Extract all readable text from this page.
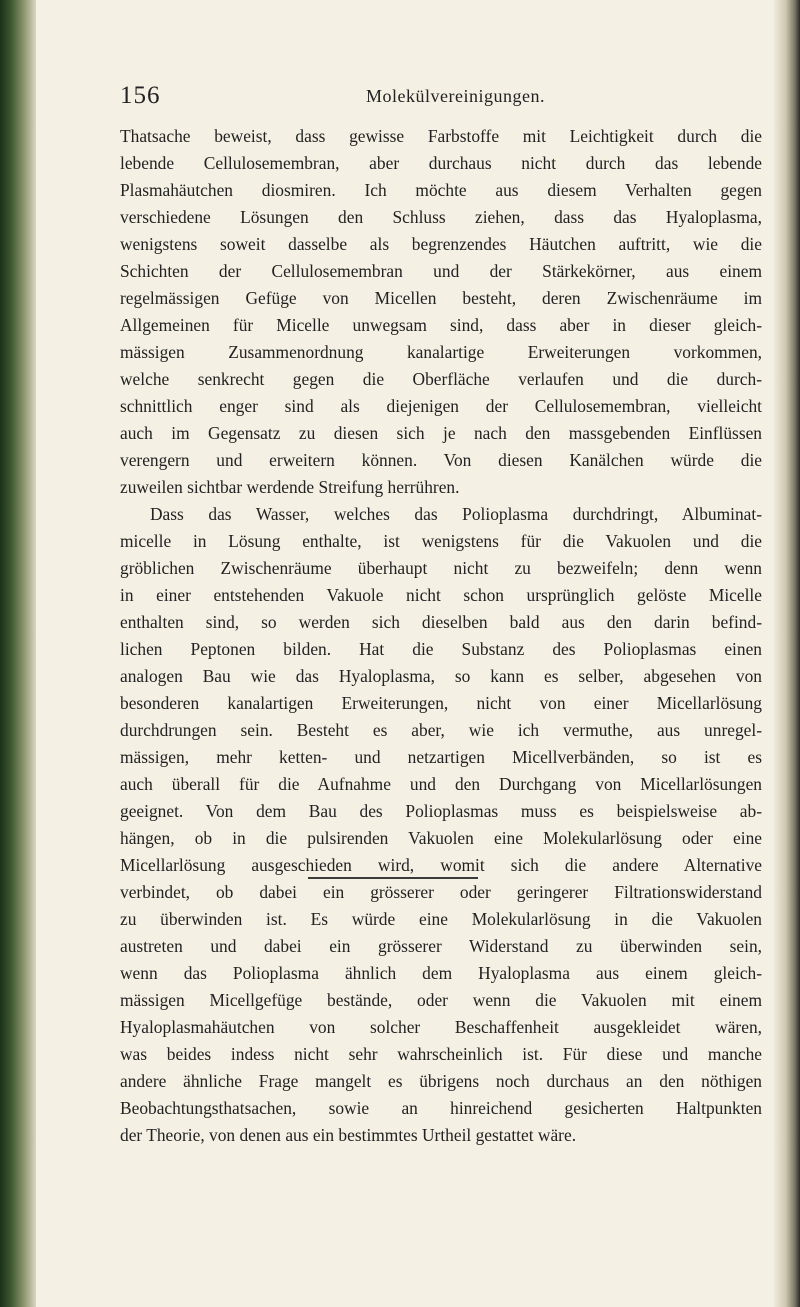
156	Molekülvereinigungen.
Thatsache beweist, dass gewisse Farbstoffe mit Leichtigkeit durch die
lebende Cellulosemembran, aber durchaus nicht durch das lebende
Plasmahäutchen diosmiren. Ich möchte aus diesem Verhalten gegen
verschiedene Lösungen den Schluss ziehen, dass das Hyaloplasma,
wenigstens soweit dasselbe als begrenzendes Häutchen auftritt, wie die
Schichten der Cellulosemembran und der Stärkekörner, aus einem
regelmässigen Gefüge von Micellen besteht, deren Zwischenräume im
Allgemeinen für Micelle unwegsam sind, dass aber in dieser gleich-
mässigen Zusammenordnung kanalartige Erweiterungen vorkommen,
welche senkrecht gegen die Oberfläche verlaufen und die durch-
schnittlich enger sind als diejenigen der Cellulosemembran, vielleicht
auch im Gegensatz zu diesen sich je nach den massgebenden Einflüssen
verengern und erweitern können. Von diesen Kanälchen würde die
zuweilen sichtbar werdende Streifung herrühren.
Dass das Wasser, welches das Polioplasma durchdringt, Albuminat-
micelle in Lösung enthalte, ist wenigstens für die Vakuolen und die
gröblichen Zwischenräume überhaupt nicht zu bezweifeln; denn wenn
in einer entstehenden Vakuole nicht schon ursprünglich gelöste Micelle
enthalten sind, so werden sich dieselben bald aus den darin befind-
lichen Peptonen bilden. Hat die Substanz des Polioplasmas einen
analogen Bau wie das Hyaloplasma, so kann es selber, abgesehen von
besonderen kanalartigen Erweiterungen, nicht von einer Micellarlösung
durchdrungen sein. Besteht es aber, wie ich vermuthe, aus unregel-
mässigen, mehr ketten- und netzartigen Micellverbänden, so ist es
auch überall für die Aufnahme und den Durchgang von Micellarlösungen
geeignet. Von dem Bau des Polioplasmas muss es beispielsweise ab-
hängen, ob in die pulsirenden Vakuolen eine Molekularlösung oder eine
Micellarlösung ausgeschieden wird, womit sich die andere Alternative
verbindet, ob dabei ein grösserer oder geringerer Filtrationswiderstand
zu überwinden ist. Es würde eine Molekularlösung in die Vakuolen
austreten und dabei ein grösserer Widerstand zu überwinden sein,
wenn das Polioplasma ähnlich dem Hyaloplasma aus einem gleich-
mässigen Micellgefüge bestände, oder wenn die Vakuolen mit einem
Hyaloplasmahäutchen von solcher Beschaffenheit ausgekleidet wären,
was beides indess nicht sehr wahrscheinlich ist. Für diese und manche
andere ähnliche Frage mangelt es übrigens noch durchaus an den nöthigen
Beobachtungsthatsachen, sowie an hinreichend gesicherten Haltpunkten
der Theorie, von denen aus ein bestimmtes Urtheil gestattet wäre.
